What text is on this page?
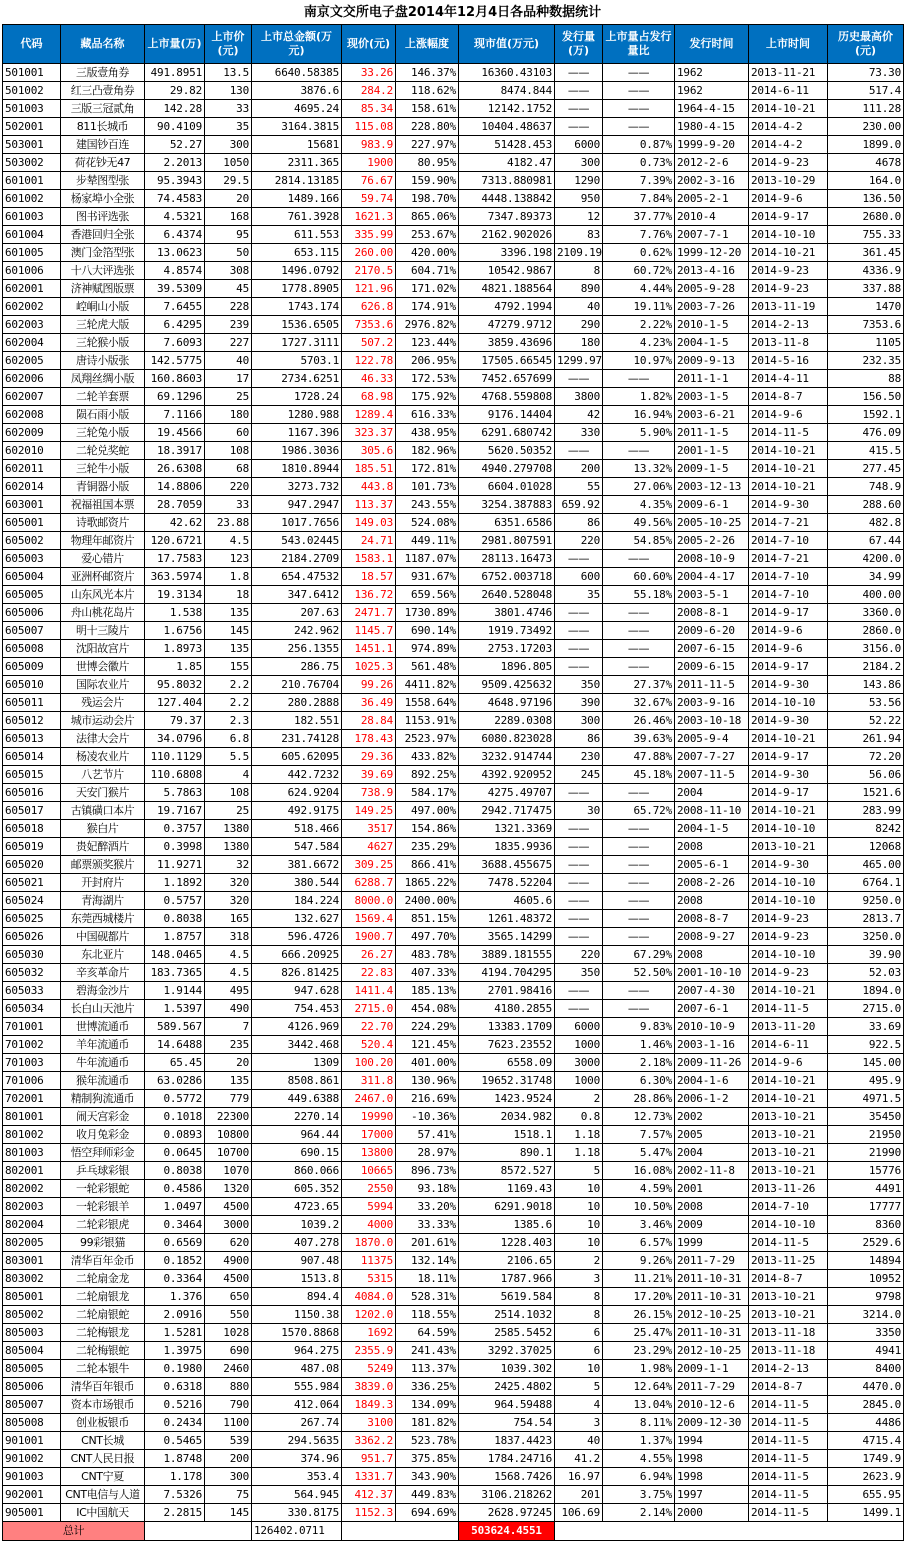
南京文交所电子盘2014年12月4日各品种数据统计
代码	藏品名称	上市量(万)	上市价(元)	上市总金额(万元)	现价(元)	上涨幅度	现市值(万元)	发行量(万)	上市量占发行量比	发行时间	上市时间	历史最高价(元)
501001	三版壹角券	491.8951	13.5	6640.58385	33.26	146.37%	16360.43103	——	——	1962	2013-11-21	73.30
501002	红三凸壹角券	29.82	130	3876.6	284.2	118.62%	8474.844	——	——	1962	2014-6-11	517.4
501003	三版三冠贰角	142.28	33	4695.24	85.34	158.61%	12142.1752	——	——	1964-4-15	2014-10-21	111.28
502001	811长城币	90.4109	35	3164.3815	115.08	228.80%	10404.48637	——	——	1980-4-15	2014-4-2	230.00
503001	建国钞百连	52.27	300	15681	983.9	227.97%	51428.453	6000	0.87%	1999-9-20	2014-4-2	1899.0
503002	荷花钞无47	2.2013	1050	2311.365	1900	80.95%	4182.47	300	0.73%	2012-2-6	2014-9-23	4678
601001	步辇图型张	95.3943	29.5	2814.13185	76.67	159.90%	7313.880981	1290	7.39%	2002-3-16	2013-10-29	164.0
601002	杨家埠小全张	74.4583	20	1489.166	59.74	198.70%	4448.138842	950	7.84%	2005-2-1	2014-9-6	136.50
601003	图书评选张	4.5321	168	761.3928	1621.3	865.06%	7347.89373	12	37.77%	2010-4	2014-9-17	2680.0
601004	香港回归全张	6.4374	95	611.553	335.99	253.67%	2162.902026	83	7.76%	2007-7-1	2014-10-10	755.33
601005	澳门金箔型张	13.0623	50	653.115	260.00	420.00%	3396.198	2109.19	0.62%	1999-12-20	2014-10-21	361.45
601006	十八大评选张	4.8574	308	1496.0792	2170.5	604.71%	10542.9867	8	60.72%	2013-4-16	2014-9-23	4336.9
602001	济神赋图版票	39.5309	45	1778.8905	121.96	171.02%	4821.188564	890	4.44%	2005-9-28	2014-9-23	337.88
602002	崆峒山小版	7.6455	228	1743.174	626.8	174.91%	4792.1994	40	19.11%	2003-7-26	2013-11-19	1470
602003	三轮虎大版	6.4295	239	1536.6505	7353.6	2976.82%	47279.9712	290	2.22%	2010-1-5	2014-2-13	7353.6
602004	三轮猴小版	7.6093	227	1727.3111	507.2	123.44%	3859.43696	180	4.23%	2004-1-5	2013-11-8	1105
602005	唐诗小版张	142.5775	40	5703.1	122.78	206.95%	17505.66545	1299.97	10.97%	2009-9-13	2014-5-16	232.35
602006	凤翔丝绸小版	160.8603	17	2734.6251	46.33	172.53%	7452.657699	——	——	2011-1-1	2014-4-11	88
602007	二轮羊套票	69.1296	25	1728.24	68.98	175.92%	4768.559808	3800	1.82%	2003-1-5	2014-8-7	156.50
602008	陨石雨小版	7.1166	180	1280.988	1289.4	616.33%	9176.14404	42	16.94%	2003-6-21	2014-9-6	1592.1
602009	三轮兔小版	19.4566	60	1167.396	323.37	438.95%	6291.680742	330	5.90%	2011-1-5	2014-11-5	476.09
602010	二轮兑奖蛇	18.3917	108	1986.3036	305.6	182.96%	5620.50352	——	——	2001-1-5	2014-10-21	415.5
602011	三轮牛小版	26.6308	68	1810.8944	185.51	172.81%	4940.279708	200	13.32%	2009-1-5	2014-10-21	277.45
602014	青铜器小版	14.8806	220	3273.732	443.8	101.73%	6604.01028	55	27.06%	2003-12-13	2014-10-21	748.9
603001	祝福祖国本票	28.7059	33	947.2947	113.37	243.55%	3254.387883	659.92	4.35%	2009-6-1	2014-9-30	288.60
605001	诗歌邮资片	42.62	23.88	1017.7656	149.03	524.08%	6351.6586	86	49.56%	2005-10-25	2014-7-21	482.8
605002	物理年邮资片	120.6721	4.5	543.02445	24.71	449.11%	2981.807591	220	54.85%	2005-2-26	2014-7-10	67.44
605003	爱心错片	17.7583	123	2184.2709	1583.1	1187.07%	28113.16473	——	——	2008-10-9	2014-7-21	4200.0
605004	亚洲杯邮资片	363.5974	1.8	654.47532	18.57	931.67%	6752.003718	600	60.60%	2004-4-17	2014-7-10	34.99
605005	山东风光本片	19.3134	18	347.6412	136.72	659.56%	2640.528048	35	55.18%	2003-5-1	2014-7-10	400.00
605006	舟山桃花岛片	1.538	135	207.63	2471.7	1730.89%	3801.4746	——	——	2008-8-1	2014-9-17	3360.0
605007	明十三陵片	1.6756	145	242.962	1145.7	690.14%	1919.73492	——	——	2009-6-20	2014-9-6	2860.0
605008	沈阳故宫片	1.8973	135	256.1355	1451.1	974.89%	2753.17203	——	——	2007-6-15	2014-9-6	3156.0
605009	世博会徽片	1.85	155	286.75	1025.3	561.48%	1896.805	——	——	2009-6-15	2014-9-17	2184.2
605010	国际农业片	95.8032	2.2	210.76704	99.26	4411.82%	9509.425632	350	27.37%	2011-11-5	2014-9-30	143.86
605011	残运会片	127.404	2.2	280.2888	36.49	1558.64%	4648.97196	390	32.67%	2003-9-16	2014-10-10	53.56
605012	城市运动会片	79.37	2.3	182.551	28.84	1153.91%	2289.0308	300	26.46%	2003-10-18	2014-9-30	52.22
605013	法律大会片	34.0796	6.8	231.74128	178.43	2523.97%	6080.823028	86	39.63%	2005-9-4	2014-10-21	261.94
605014	杨凌农业片	110.1129	5.5	605.62095	29.36	433.82%	3232.914744	230	47.88%	2007-7-27	2014-9-17	72.20
605015	八艺节片	110.6808	4	442.7232	39.69	892.25%	4392.920952	245	45.18%	2007-11-5	2014-9-30	56.06
605016	天安门猴片	5.7863	108	624.9204	738.9	584.17%	4275.49707	——	——	2004	2014-9-17	1521.6
605017	古镇磺口本片	19.7167	25	492.9175	149.25	497.00%	2942.717475	30	65.72%	2008-11-10	2014-10-21	283.99
605018	猴白片	0.3757	1380	518.466	3517	154.86%	1321.3369	——	——	2004-1-5	2014-10-10	8242
605019	贵妃醉酒片	0.3998	1380	547.584	4627	235.29%	1835.9936	——	——	2008	2013-10-21	12068
605020	邮票颁奖猴片	11.9271	32	381.6672	309.25	866.41%	3688.455675	——	——	2005-6-1	2014-9-30	465.00
605021	开封府片	1.1892	320	380.544	6288.7	1865.22%	7478.52204	——	——	2008-2-26	2014-10-10	6764.1
605024	青海湖片	0.5757	320	184.224	8000.0	2400.00%	4605.6	——	——	2008	2014-10-10	9250.0
605025	东莞西城楼片	0.8038	165	132.627	1569.4	851.15%	1261.48372	——	——	2008-8-7	2014-9-23	2813.7
605026	中国砚都片	1.8757	318	596.4726	1900.7	497.70%	3565.14299	——	——	2008-9-27	2014-9-23	3250.0
605030	东北亚片	148.0465	4.5	666.20925	26.27	483.78%	3889.181555	220	67.29%	2008	2014-10-10	39.90
605032	辛亥革命片	183.7365	4.5	826.81425	22.83	407.33%	4194.704295	350	52.50%	2001-10-10	2014-9-23	52.03
605033	碧海金沙片	1.9144	495	947.628	1411.4	185.13%	2701.98416	——	——	2007-4-30	2014-10-21	1894.0
605034	长白山天池片	1.5397	490	754.453	2715.0	454.08%	4180.2855	——	——	2007-6-1	2014-11-5	2715.0
701001	世博流通币	589.567	7	4126.969	22.70	224.29%	13383.1709	6000	9.83%	2010-10-9	2013-11-20	33.69
701002	羊年流通币	14.6488	235	3442.468	520.4	121.45%	7623.23552	1000	1.46%	2003-1-16	2014-6-11	922.5
701003	牛年流通币	65.45	20	1309	100.20	401.00%	6558.09	3000	2.18%	2009-11-26	2014-9-6	145.00
701006	猴年流通币	63.0286	135	8508.861	311.8	130.96%	19652.31748	1000	6.30%	2004-1-6	2014-10-21	495.9
702001	精制狗流通币	0.5772	779	449.6388	2467.0	216.69%	1423.9524	2	28.86%	2006-1-2	2014-10-21	4971.5
801001	闹天宫彩金	0.1018	22300	2270.14	19990	-10.36%	2034.982	0.8	12.73%	2002	2013-10-21	35450
801002	收月兔彩金	0.0893	10800	964.44	17000	57.41%	1518.1	1.18	7.57%	2005	2013-10-21	21950
801003	悟空拜师彩金	0.0645	10700	690.15	13800	28.97%	890.1	1.18	5.47%	2004	2013-10-21	21990
802001	乒乓球彩银	0.8038	1070	860.066	10665	896.73%	8572.527	5	16.08%	2002-11-8	2013-10-21	15776
802002	一轮彩银蛇	0.4586	1320	605.352	2550	93.18%	1169.43	10	4.59%	2001	2013-11-26	4491
802003	一轮彩银羊	1.0497	4500	4723.65	5994	33.20%	6291.9018	10	10.50%	2008	2014-7-10	17777
802004	二轮彩银虎	0.3464	3000	1039.2	4000	33.33%	1385.6	10	3.46%	2009	2014-10-10	8360
802005	99彩银猫	0.6569	620	407.278	1870.0	201.61%	1228.403	10	6.57%	1999	2014-11-5	2529.6
803001	清华百年金币	0.1852	4900	907.48	11375	132.14%	2106.65	2	9.26%	2011-7-29	2013-11-25	14894
803002	二轮扇金龙	0.3364	4500	1513.8	5315	18.11%	1787.966	3	11.21%	2011-10-31	2014-8-7	10952
805001	二轮扇银龙	1.376	650	894.4	4084.0	528.31%	5619.584	8	17.20%	2011-10-31	2013-10-21	9798
805002	二轮扇银蛇	2.0916	550	1150.38	1202.0	118.55%	2514.1032	8	26.15%	2012-10-25	2013-10-21	3214.0
805003	二轮梅银龙	1.5281	1028	1570.8868	1692	64.59%	2585.5452	6	25.47%	2011-10-31	2013-11-18	3350
805004	二轮梅银蛇	1.3975	690	964.275	2355.9	241.43%	3292.37025	6	23.29%	2012-10-25	2013-11-18	4941
805005	二轮本银牛	0.1980	2460	487.08	5249	113.37%	1039.302	10	1.98%	2009-1-1	2014-2-13	8400
805006	清华百年银币	0.6318	880	555.984	3839.0	336.25%	2425.4802	5	12.64%	2011-7-29	2014-8-7	4470.0
805007	资本市场银币	0.5216	790	412.064	1849.3	134.09%	964.59488	4	13.04%	2010-12-6	2014-11-5	2845.0
805008	创业板银币	0.2434	1100	267.74	3100	181.82%	754.54	3	8.11%	2009-12-30	2014-11-5	4486
901001	CNT长城	0.5465	539	294.5635	3362.2	523.78%	1837.4423	40	1.37%	1994	2014-11-5	4715.4
901002	CNT人民日报	1.8748	200	374.96	951.7	375.85%	1784.24716	41.2	4.55%	1998	2014-11-5	1749.9
901003	CNT宁夏	1.178	300	353.4	1331.7	343.90%	1568.7426	16.97	6.94%	1998	2014-11-5	2623.9
902001	CNT电信与人道	7.5326	75	564.945	412.37	449.83%	3106.218262	201	3.75%	1997	2014-11-5	655.95
905001	IC中国航天	2.2815	145	330.8175	1152.3	694.69%	2628.97245	106.69	2.14%	2000	2014-11-5	1499.1
总计				126402.0711			503624.4551					
